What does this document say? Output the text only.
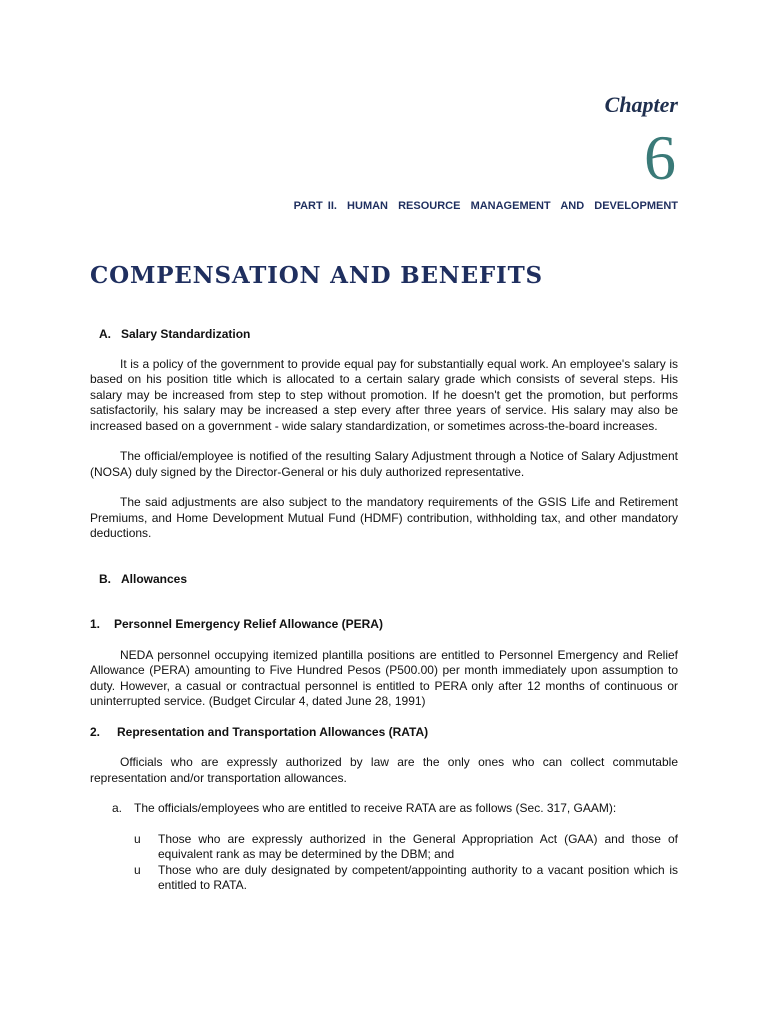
Chapter
6
PART II.  HUMAN  RESOURCE  MANAGEMENT  AND  DEVELOPMENT
COMPENSATION AND BENEFITS
A. Salary Standardization

It is a policy of the government to provide equal pay for substantially equal work. An employee's salary is based on his position title which is allocated to a certain salary grade which consists of several steps. His salary may be increased from step to step without promotion. If he doesn't get the promotion, but performs satisfactorily, his salary may be increased a step every after three years of service. His salary may also be increased based on a government - wide salary standardization, or sometimes across-the-board increases.

The official/employee is notified of the resulting Salary Adjustment through a Notice of Salary Adjustment (NOSA) duly signed by the Director-General or his duly authorized representative.

The said adjustments are also subject to the mandatory requirements of the GSIS Life and Retirement Premiums, and Home Development Mutual Fund (HDMF) contribution, withholding tax, and other mandatory deductions.

B. Allowances
1. Personnel Emergency Relief Allowance (PERA)

NEDA personnel occupying itemized plantilla positions are entitled to Personnel Emergency and Relief Allowance (PERA) amounting to Five Hundred Pesos (P500.00) per month immediately upon assumption to duty. However, a casual or contractual personnel is entitled to PERA only after 12 months of continuous or uninterrupted service. (Budget Circular 4, dated June 28, 1991)

2. Representation and Transportation Allowances (RATA)

Officials who are expressly authorized by law are the only ones who can collect commutable representation and/or transportation allowances.

a. The officials/employees who are entitled to receive RATA are as follows (Sec. 317, GAAM):
u Those who are expressly authorized in the General Appropriation Act (GAA) and those of equivalent rank as may be determined by the DBM; and
u Those who are duly designated by competent/appointing authority to a vacant position which is entitled to RATA.
